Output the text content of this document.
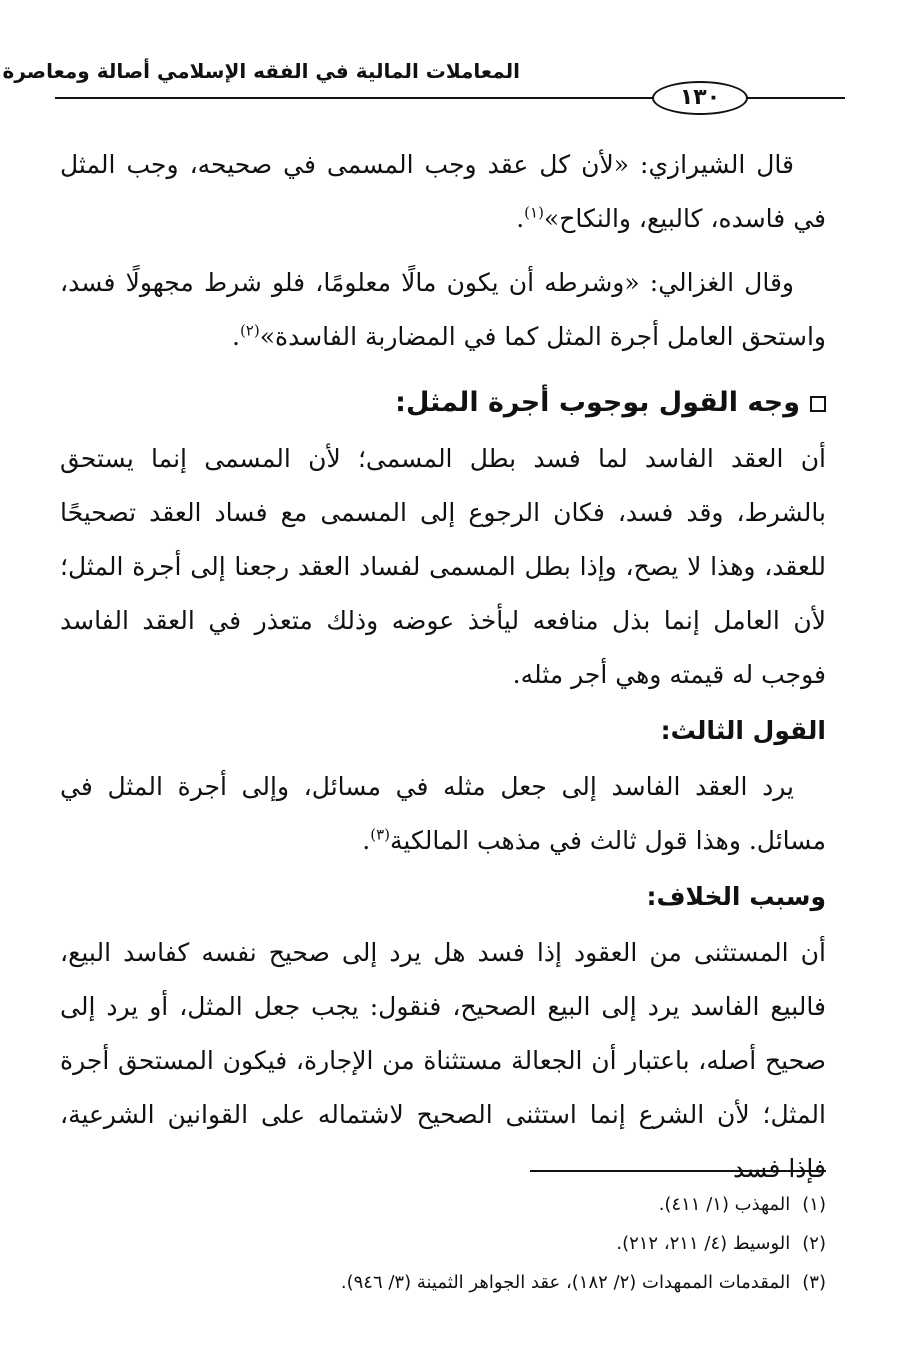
المعاملات المالية في الفقه الإسلامي أصالة ومعاصرة
١٣٠

قال الشيرازي: «لأن كل عقد وجب المسمى في صحيحه، وجب المثل في فاسده، كالبيع، والنكاح»$^{(١)}$.

وقال الغزالي: «وشرطه أن يكون مالًا معلومًا، فلو شرط مجهولًا فسد، واستحق العامل أجرة المثل كما في المضاربة الفاسدة»$^{(٢)}$.

وجه القول بوجوب أجرة المثل:

أن العقد الفاسد لما فسد بطل المسمى؛ لأن المسمى إنما يستحق بالشرط، وقد فسد، فكان الرجوع إلى المسمى مع فساد العقد تصحيحًا للعقد، وهذا لا يصح، وإذا بطل المسمى لفساد العقد رجعنا إلى أجرة المثل؛ لأن العامل إنما بذل منافعه ليأخذ عوضه وذلك متعذر في العقد الفاسد فوجب له قيمته وهي أجر مثله.

القول الثالث:

يرد العقد الفاسد إلى جعل مثله في مسائل، وإلى أجرة المثل في مسائل. وهذا قول ثالث في مذهب المالكية$^{(٣)}$.

وسبب الخلاف:

أن المستثنى من العقود إذا فسد هل يرد إلى صحيح نفسه كفاسد البيع، فالبيع الفاسد يرد إلى البيع الصحيح، فنقول: يجب جعل المثل، أو يرد إلى صحيح أصله، باعتبار أن الجعالة مستثناة من الإجارة، فيكون المستحق أجرة المثل؛ لأن الشرع إنما استثنى الصحيح لاشتماله على القوانين الشرعية، فإذا فسد

(١)المهذب (١/ ٤١١).

(٢)الوسيط (٤/ ٢١١، ٢١٢).

(٣)المقدمات الممهدات (٢/ ١٨٢)، عقد الجواهر الثمينة (٣/ ٩٤٦).
